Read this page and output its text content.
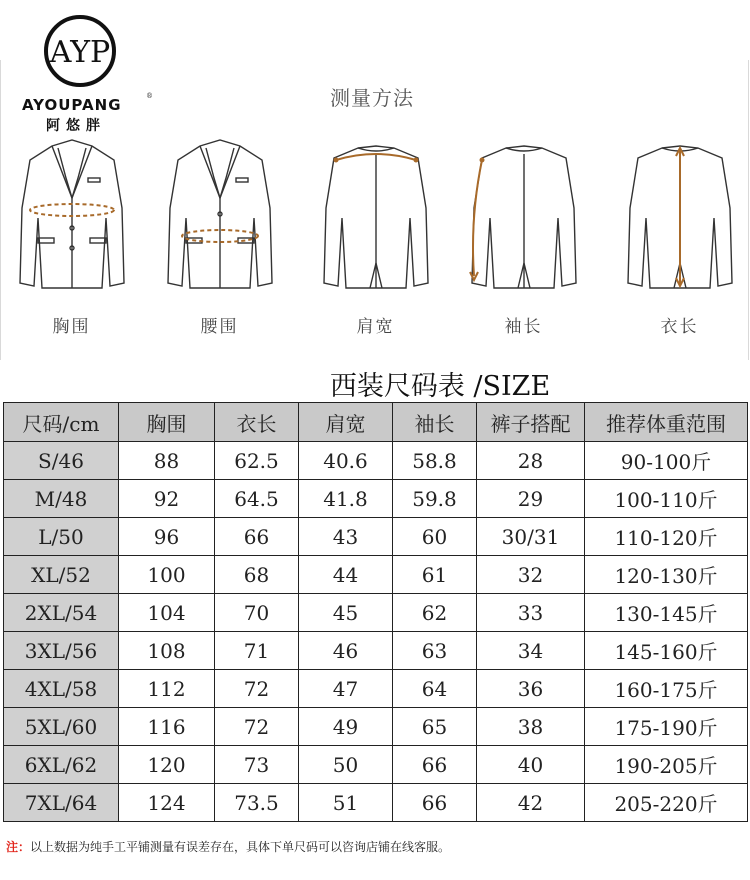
AYP
AYOUPANG	®
阿悠胖
测量方法
胸围	腰围	肩宽	袖长	衣长
西装尺码表 /SIZE
尺码/cm	胸围	衣长	肩宽	袖长	裤子搭配	推荐体重范围
S/46	88	62.5	40.6	58.8	28	90-100斤
M/48	92	64.5	41.8	59.8	29	100-110斤
L/50	96	66	43	60	30/31	110-120斤
XL/52	100	68	44	61	32	120-130斤
2XL/54	104	70	45	62	33	130-145斤
3XL/56	108	71	46	63	34	145-160斤
4XL/58	112	72	47	64	36	160-175斤
5XL/60	116	72	49	65	38	175-190斤
6XL/62	120	73	50	66	40	190-205斤
7XL/64	124	73.5	51	66	42	205-220斤
注：以上数据为纯手工平铺测量有误差存在，具体下单尺码可以咨询店铺在线客服。
